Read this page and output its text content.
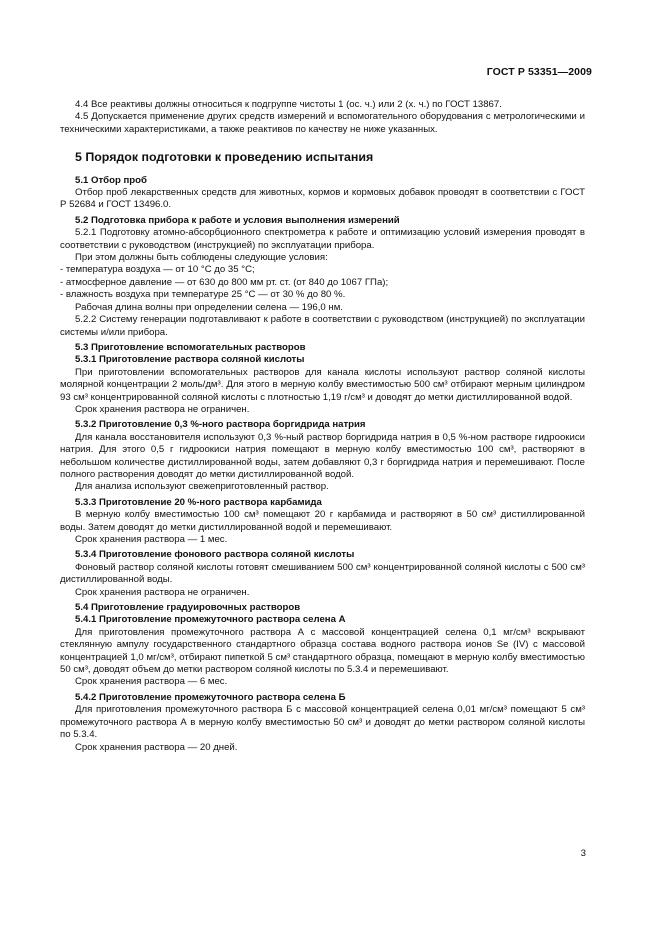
ГОСТ Р 53351—2009
4.4 Все реактивы должны относиться к подгруппе чистоты 1 (ос. ч.) или 2 (х. ч.) по ГОСТ 13867.
4.5 Допускается применение других средств измерений и вспомогательного оборудования с метрологическими и техническими характеристиками, а также реактивов по качеству не ниже указанных.
5 Порядок подготовки к проведению испытания
5.1 Отбор проб
Отбор проб лекарственных средств для животных, кормов и кормовых добавок проводят в соответствии с ГОСТ Р 52684 и ГОСТ 13496.0.
5.2 Подготовка прибора к работе и условия выполнения измерений
5.2.1 Подготовку атомно-абсорбционного спектрометра к работе и оптимизацию условий измерения проводят в соответствии с руководством (инструкцией) по эксплуатации прибора.
При этом должны быть соблюдены следующие условия:
- температура воздуха — от 10 °С до 35 °С;
- атмосферное давление — от 630 до 800 мм рт. ст. (от 840 до 1067 ГПа);
- влажность воздуха при температуре 25 °С — от 30 % до 80 %.
Рабочая длина волны при определении селена — 196,0 нм.
5.2.2 Систему генерации подготавливают к работе в соответствии с руководством (инструкцией) по эксплуатации системы и/или прибора.
5.3 Приготовление вспомогательных растворов
5.3.1 Приготовление раствора соляной кислоты
При приготовлении вспомогательных растворов для канала кислоты используют раствор соляной кислоты молярной концентрации 2 моль/дм³. Для этого в мерную колбу вместимостью 500 см³ отбирают мерным цилиндром 93 см³ концентрированной соляной кислоты с плотностью 1,19 г/см³ и доводят до метки дистиллированной водой.
Срок хранения раствора не ограничен.
5.3.2 Приготовление 0,3 %-ного раствора боргидрида натрия
Для канала восстановителя используют 0,3 %-ный раствор боргидрида натрия в 0,5 %-ном растворе гидроокиси натрия. Для этого 0,5 г гидроокиси натрия помещают в мерную колбу вместимостью 100 см³, растворяют в небольшом количестве дистиллированной воды, затем добавляют 0,3 г боргидрида натрия и перемешивают. После полного растворения доводят до метки дистиллированной водой.
Для анализа используют свежеприготовленный раствор.
5.3.3 Приготовление 20 %-ного раствора карбамида
В мерную колбу вместимостью 100 см³ помещают 20 г карбамида и растворяют в 50 см³ дистиллированной воды. Затем доводят до метки дистиллированной водой и перемешивают.
Срок хранения раствора — 1 мес.
5.3.4 Приготовление фонового раствора соляной кислоты
Фоновый раствор соляной кислоты готовят смешиванием 500 см³ концентрированной соляной кислоты с 500 см³ дистиллированной воды.
Срок хранения раствора не ограничен.
5.4 Приготовление градуировочных растворов
5.4.1 Приготовление промежуточного раствора селена А
Для приготовления промежуточного раствора А с массовой концентрацией селена 0,1 мг/см³ вскрывают стеклянную ампулу государственного стандартного образца состава водного раствора ионов Se (IV) с массовой концентрацией 1,0 мг/см³, отбирают пипеткой 5 см³ стандартного образца, помещают в мерную колбу вместимостью 50 см³, доводят объем до метки раствором соляной кислоты по 5.3.4 и перемешивают.
Срок хранения раствора — 6 мес.
5.4.2 Приготовление промежуточного раствора селена Б
Для приготовления промежуточного раствора Б с массовой концентрацией селена 0,01 мг/см³ помещают 5 см³ промежуточного раствора А в мерную колбу вместимостью 50 см³ и доводят до метки раствором соляной кислоты по 5.3.4.
Срок хранения раствора — 20 дней.
3
